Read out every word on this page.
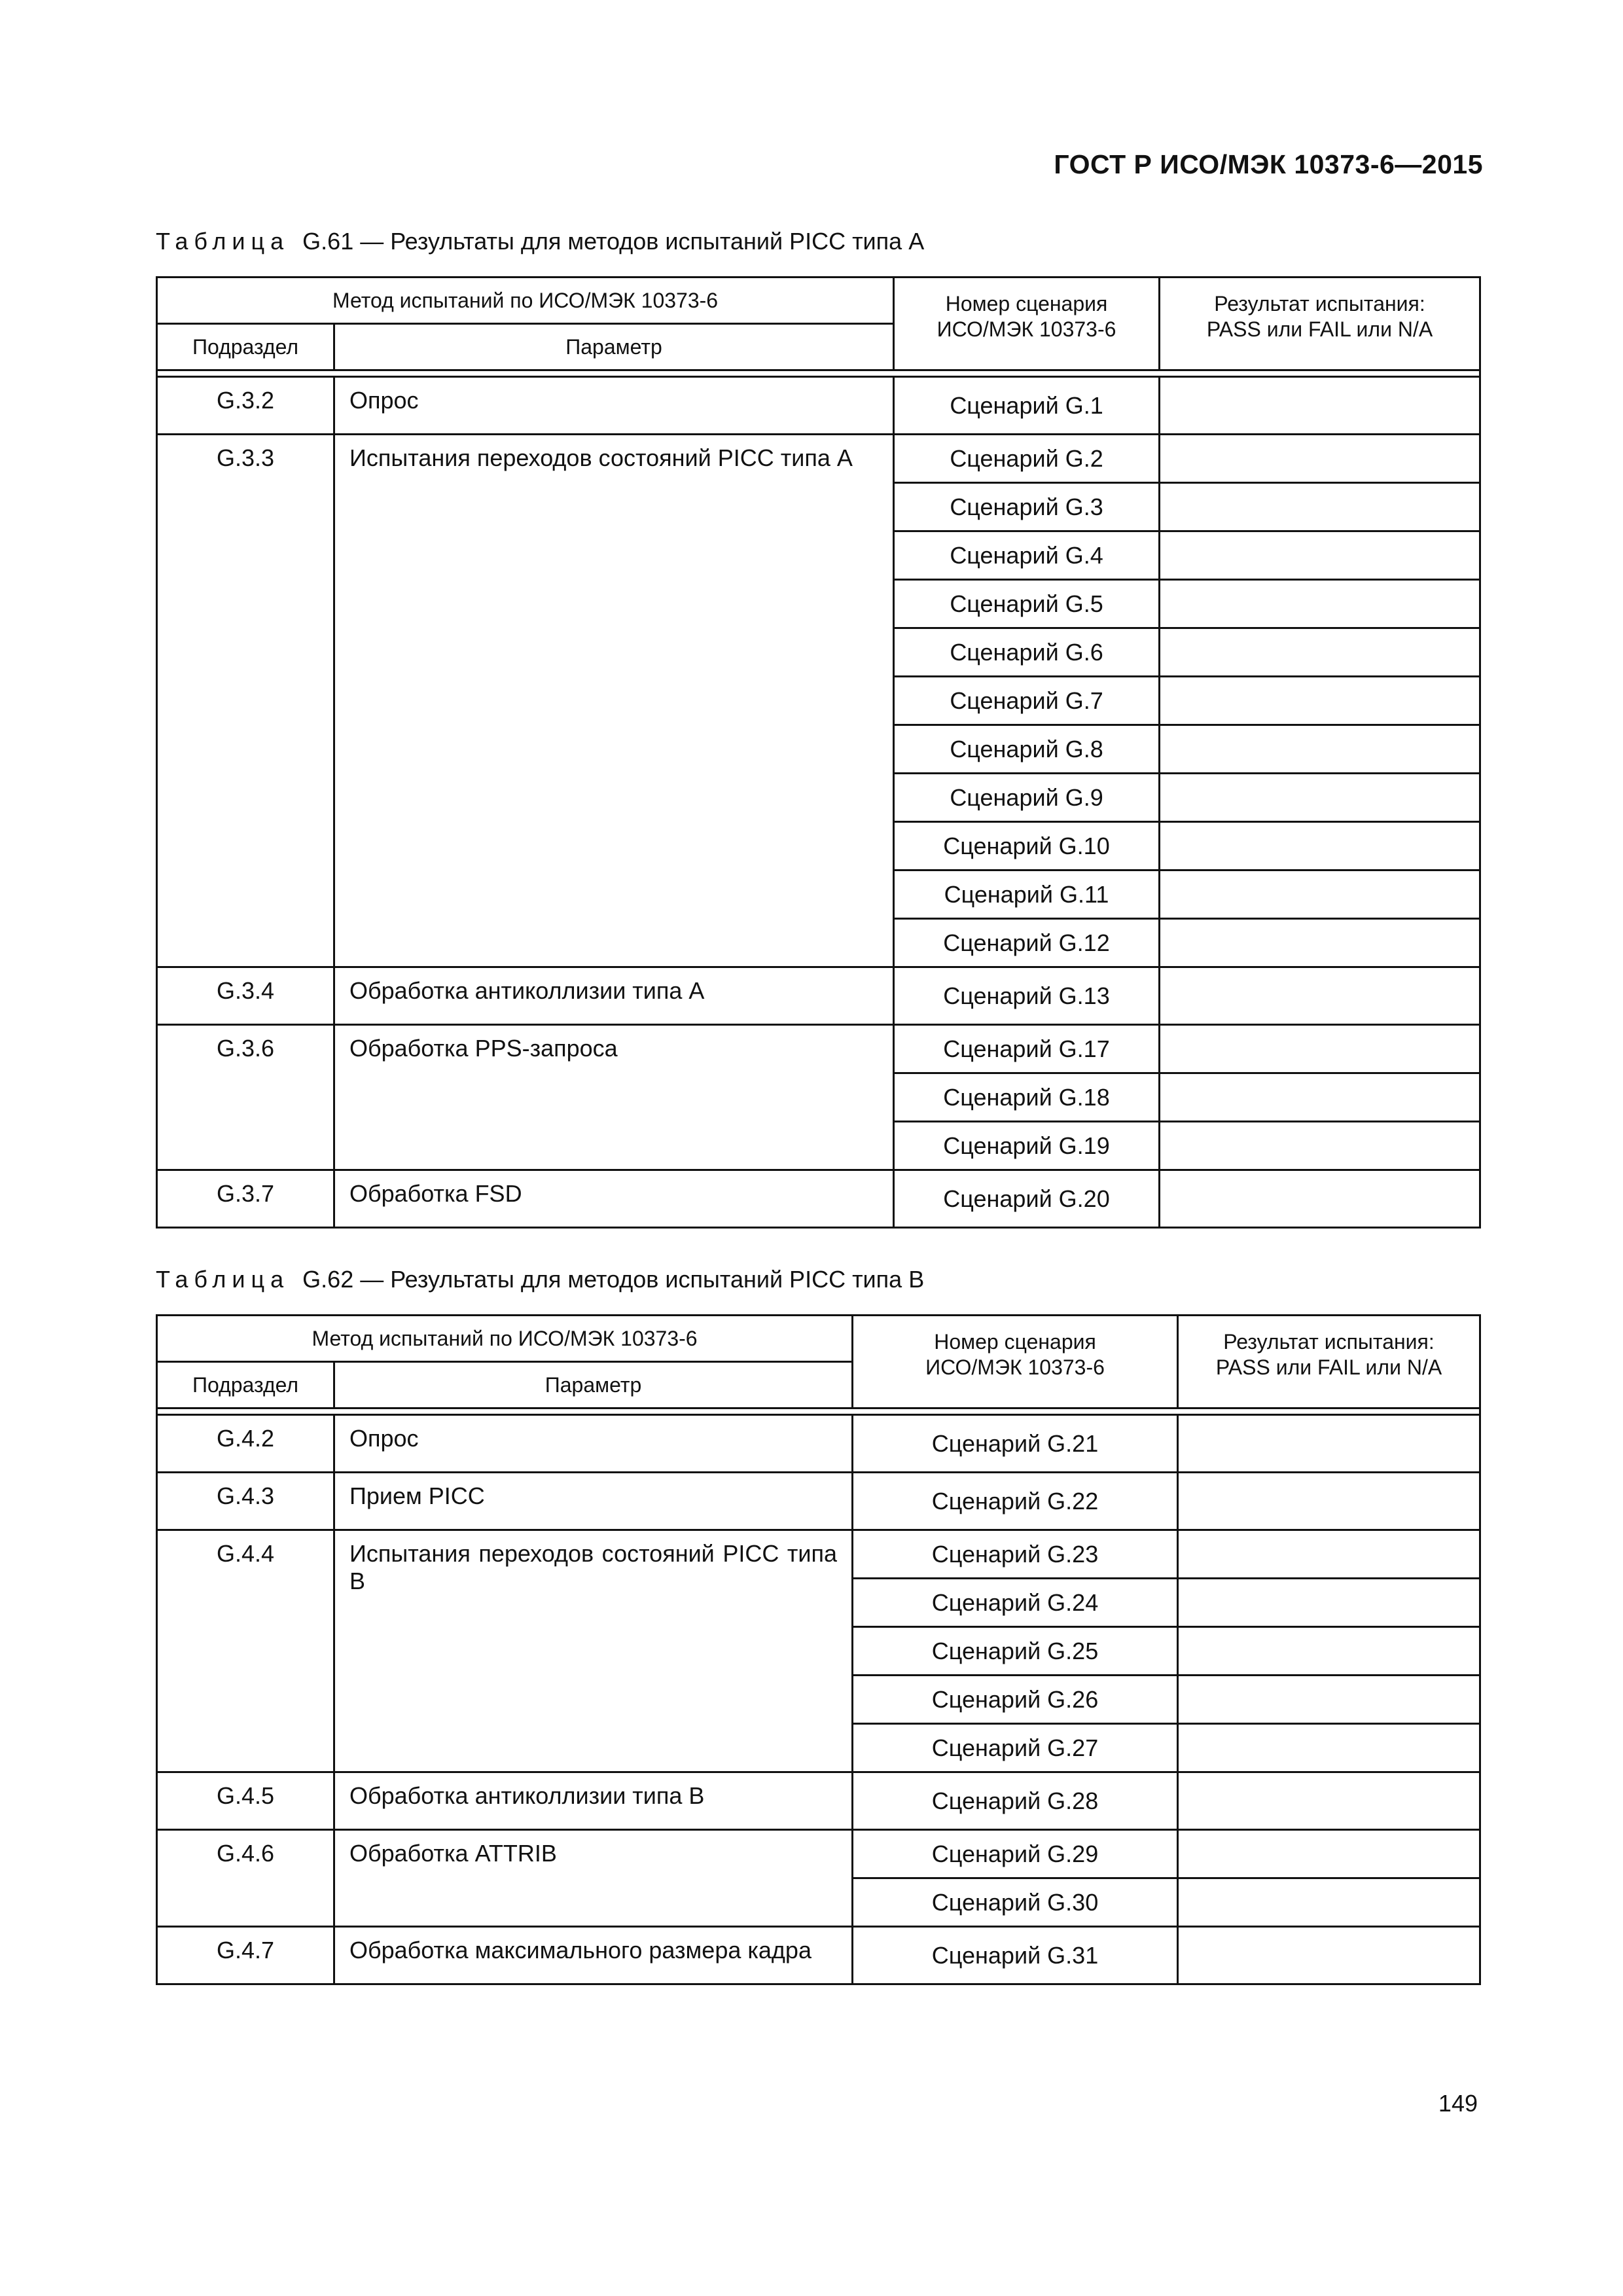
ГОСТ Р ИСО/МЭК 10373-6—2015
Таблица G.61 — Результаты для методов испытаний PICC типа A
Метод испытаний по ИСО/МЭК 10373-6		Номер сценария
ИСО/МЭК 10373-6	Результат испытания:
PASS или FAIL или N/A
Подраздел	Параметр		

G.3.2	Опрос	Сценарий G.1	
G.3.3	Испытания переходов состояний PICC типа A	Сценарий G.2	
		Сценарий G.3	
		Сценарий G.4	
		Сценарий G.5	
		Сценарий G.6	
		Сценарий G.7	
		Сценарий G.8	
		Сценарий G.9	
		Сценарий G.10	
		Сценарий G.11	
		Сценарий G.12	
G.3.4	Обработка антиколлизии типа A	Сценарий G.13	
G.3.6	Обработка PPS-запроса	Сценарий G.17	
		Сценарий G.18	
		Сценарий G.19	
G.3.7	Обработка FSD	Сценарий G.20	
Таблица G.62 — Результаты для методов испытаний PICC типа B
Метод испытаний по ИСО/МЭК 10373-6		Номер сценария
ИСО/МЭК 10373-6	Результат испытания:
PASS или FAIL или N/A
Подраздел	Параметр		

G.4.2	Опрос	Сценарий G.21	
G.4.3	Прием PICC	Сценарий G.22	
G.4.4	Испытания переходов состояний PICC типа B	Сценарий G.23	
		Сценарий G.24	
		Сценарий G.25	
		Сценарий G.26	
		Сценарий G.27	
G.4.5	Обработка антиколлизии типа B	Сценарий G.28	
G.4.6	Обработка ATTRIB	Сценарий G.29	
		Сценарий G.30	
G.4.7	Обработка максимального размера кадра	Сценарий G.31	
149
